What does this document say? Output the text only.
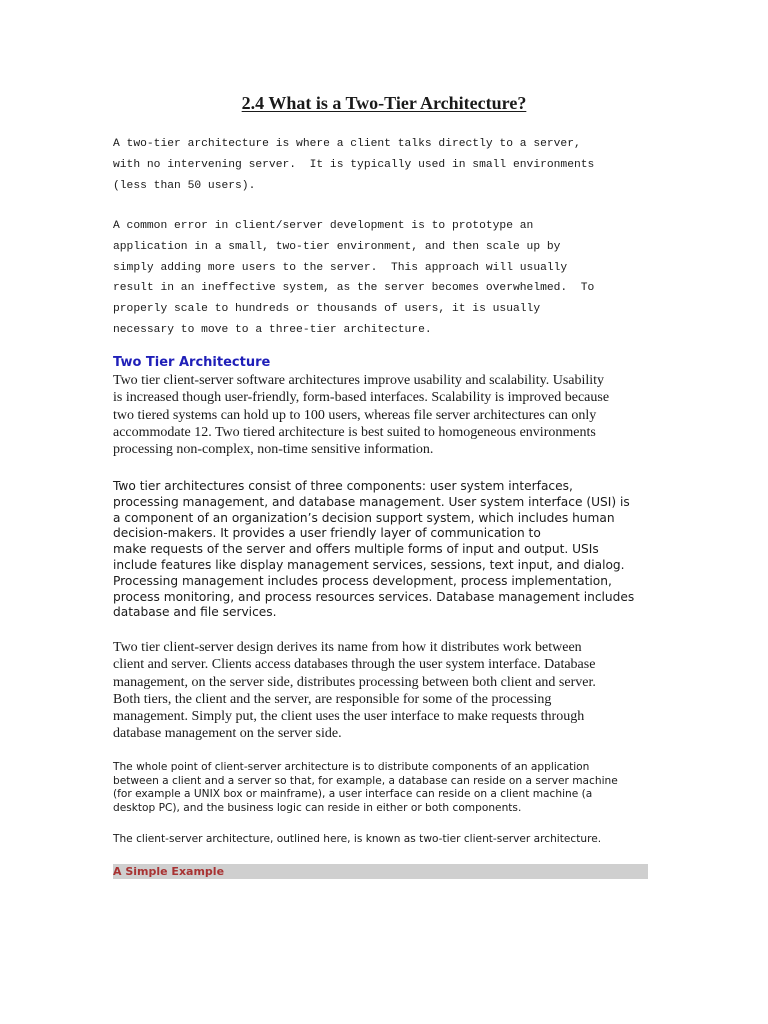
2.4 What is a Two-Tier Architecture?

A two-tier architecture is where a client talks directly to a server,
with no intervening server.  It is typically used in small environments
(less than 50 users).

A common error in client/server development is to prototype an
application in a small, two-tier environment, and then scale up by
simply adding more users to the server.  This approach will usually
result in an ineffective system, as the server becomes overwhelmed.  To
properly scale to hundreds or thousands of users, it is usually
necessary to move to a three-tier architecture.

Two Tier Architecture

Two tier client-server software architectures improve usability and scalability. Usability
is increased though user-friendly, form-based interfaces. Scalability is improved because
two tiered systems can hold up to 100 users, whereas file server architectures can only
accommodate 12. Two tiered architecture is best suited to homogeneous environments
processing non-complex, non-time sensitive information.

Two tier architectures consist of three components: user system interfaces,
processing management, and database management. User system interface (USI) is
a component of an organization’s decision support system, which includes human
decision-makers. It provides a user friendly layer of communication to
make requests of the server and offers multiple forms of input and output. USIs
include features like display management services, sessions, text input, and dialog.
Processing management includes process development, process implementation,
process monitoring, and process resources services. Database management includes
database and file services.

Two tier client-server design derives its name from how it distributes work between
client and server. Clients access databases through the user system interface. Database
management, on the server side, distributes processing between both client and server.
Both tiers, the client and the server, are responsible for some of the processing
management. Simply put, the client uses the user interface to make requests through
database management on the server side.

The whole point of client-server architecture is to distribute components of an application
between a client and a server so that, for example, a database can reside on a server machine
(for example a UNIX box or mainframe), a user interface can reside on a client machine (a
desktop PC), and the business logic can reside in either or both components.

The client-server architecture, outlined here, is known as two-tier client-server architecture.

A Simple Example
